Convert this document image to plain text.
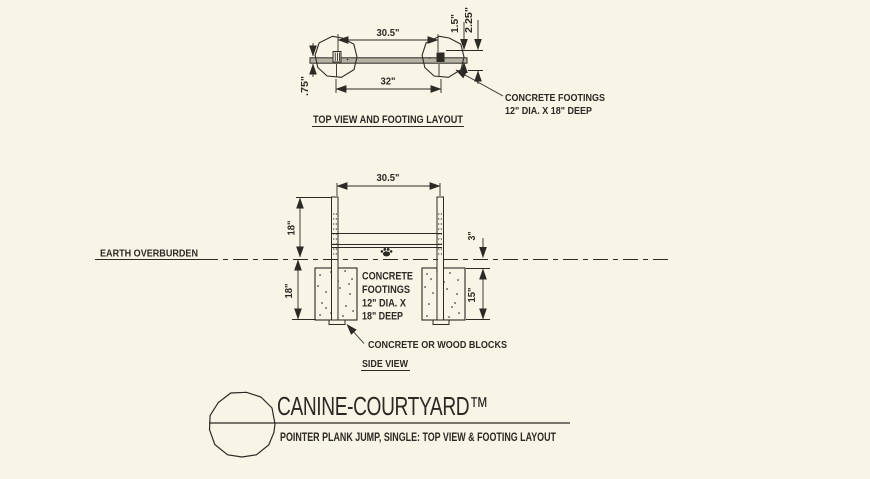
30.5"
32"
.75"
1.5" 2.25"
CONCRETE FOOTINGS
12" DIA. X 18" DEEP
TOP VIEW AND FOOTING LAYOUT
EARTH OVERBURDEN
30.5"
18"
18"
3"
15"
CONCRETE
FOOTINGS
12" DIA. X
18" DEEP
CONCRETE OR WOOD BLOCKS
SIDE VIEW
CANINE-COURTYARD™
POINTER PLANK JUMP, SINGLE: TOP VIEW & FOOTING LAYOUT
